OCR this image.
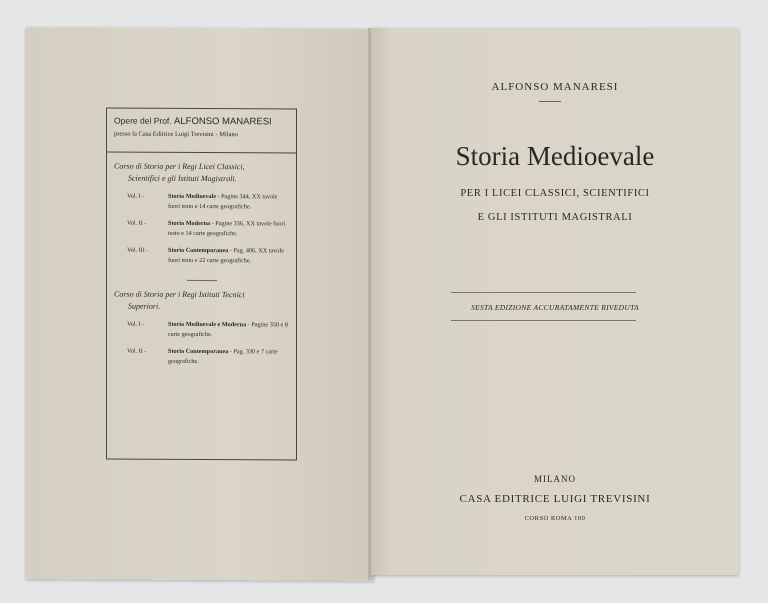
Opere del Prof. ALFONSO MANARESI
presso la Casa Editrice Luigi Trevisini - Milano
Corso di Storia per i Regi Licei Classici,
Scientifici e gli Istituti Magistrali.
Vol. I -	Storia Medioevale - Pagine 344, XX tavole fuori testo e 14 carte geografiche.
Vol. II -	Storia Moderna - Pagine 336, XX tavole fuori testo e 14 carte geografiche.
Vol. III -	Storia Contemporanea - Pag. 406, XX tavole fuori testo e 22 carte geografiche.
Corso di Storia per i Regi Istituti Tecnici
Superiori.
Vol. I -	Storia Medioevale e Moderna - Pagine 350 e 8 carte geografiche.
Vol. II -	Storia Contemporanea - Pag. 330 e 7 carte geografiche.
ALFONSO MANARESI
Storia Medioevale
PER I LICEI CLASSICI, SCIENTIFICI
E GLI ISTITUTI MAGISTRALI
SESTA EDIZIONE ACCURATAMENTE RIVEDUTA
MILANO
CASA EDITRICE LUIGI TREVISINI
CORSO ROMA 100
